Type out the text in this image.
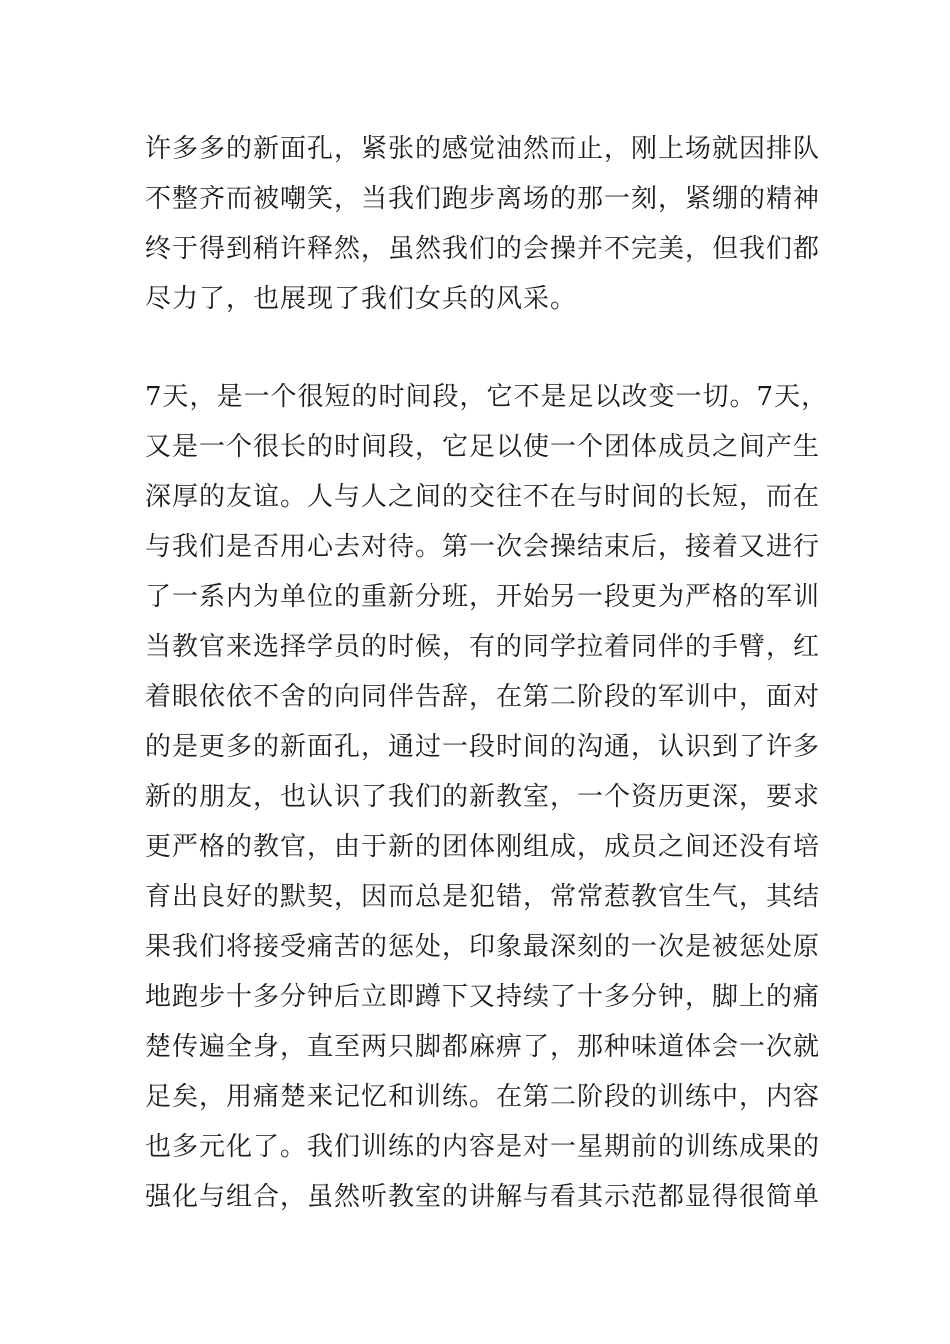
许多多的新面孔，紧张的感觉油然而止，刚上场就因排队
不整齐而被嘲笑，当我们跑步离场的那一刻，紧绷的精神
终于得到稍许释然，虽然我们的会操并不完美，但我们都
尽力了，也展现了我们女兵的风采。
7天，是一个很短的时间段，它不是足以改变一切。7天，
又是一个很长的时间段，它足以使一个团体成员之间产生
深厚的友谊。人与人之间的交往不在与时间的长短，而在
与我们是否用心去对待。第一次会操结束后，接着又进行
了一系内为单位的重新分班，开始另一段更为严格的军训
当教官来选择学员的时候，有的同学拉着同伴的手臂，红
着眼依依不舍的向同伴告辞，在第二阶段的军训中，面对
的是更多的新面孔，通过一段时间的沟通，认识到了许多
新的朋友，也认识了我们的新教室，一个资历更深，要求
更严格的教官，由于新的团体刚组成，成员之间还没有培
育出良好的默契，因而总是犯错，常常惹教官生气，其结
果我们将接受痛苦的惩处，印象最深刻的一次是被惩处原
地跑步十多分钟后立即蹲下又持续了十多分钟，脚上的痛
楚传遍全身，直至两只脚都麻痹了，那种味道体会一次就
足矣，用痛楚来记忆和训练。在第二阶段的训练中，内容
也多元化了。我们训练的内容是对一星期前的训练成果的
强化与组合，虽然听教室的讲解与看其示范都显得很简单
